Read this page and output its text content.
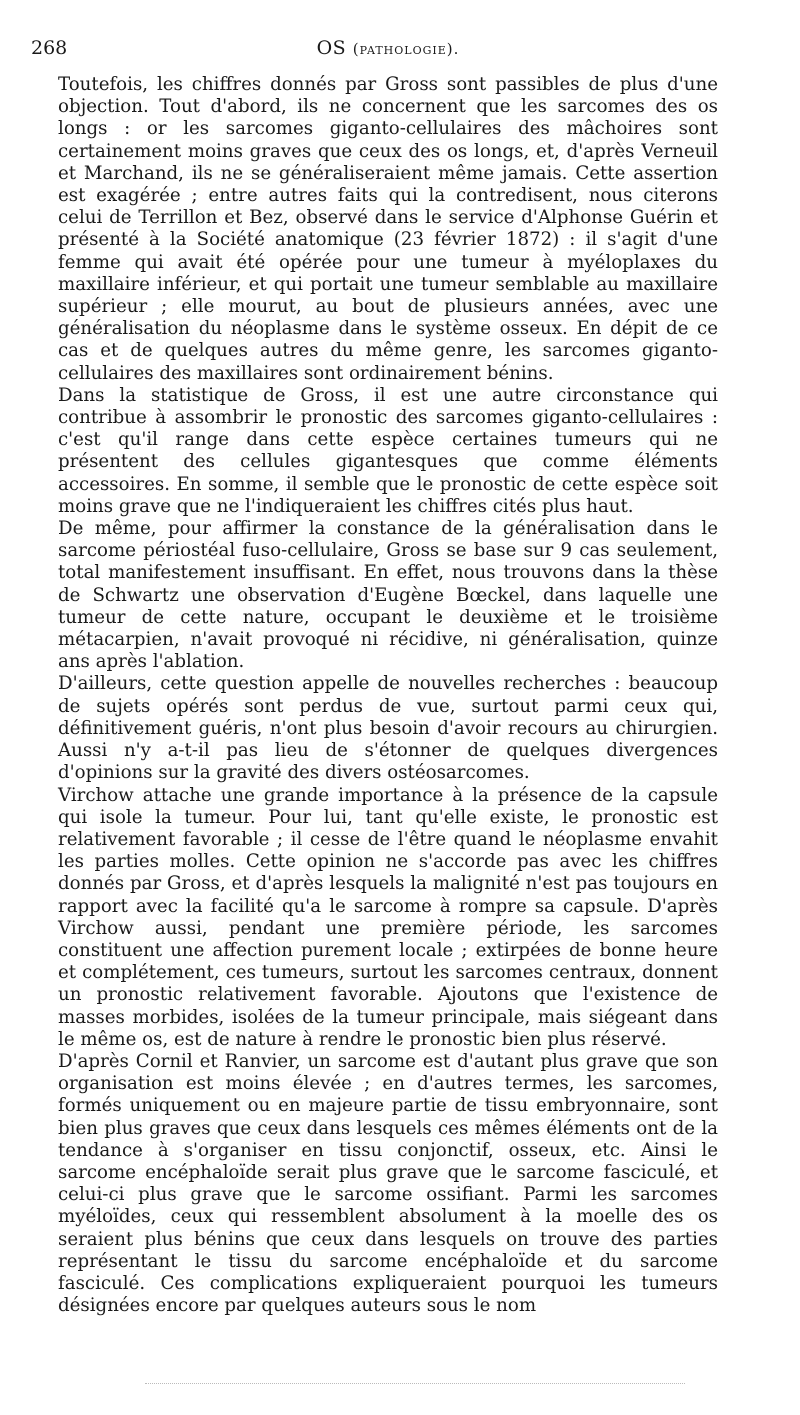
268	OS (pathologie).

Toutefois, les chiffres donnés par Gross sont passibles de plus d'une objection. Tout d'abord, ils ne concernent que les sarcomes des os longs : or les sarcomes giganto-cellulaires des mâchoires sont certainement moins graves que ceux des os longs, et, d'après Verneuil et Marchand, ils ne se généraliseraient même jamais. Cette assertion est exagérée ; entre autres faits qui la contredisent, nous citerons celui de Terrillon et Bez, observé dans le service d'Alphonse Guérin et présenté à la Société anatomique (23 février 1872) : il s'agit d'une femme qui avait été opérée pour une tumeur à myéloplaxes du maxillaire inférieur, et qui portait une tumeur semblable au maxillaire supérieur ; elle mourut, au bout de plusieurs années, avec une généralisation du néoplasme dans le système osseux. En dépit de ce cas et de quelques autres du même genre, les sarcomes giganto-cellulaires des maxillaires sont ordinairement bénins.

Dans la statistique de Gross, il est une autre circonstance qui contribue à assombrir le pronostic des sarcomes giganto-cellulaires : c'est qu'il range dans cette espèce certaines tumeurs qui ne présentent des cellules gigantesques que comme éléments accessoires. En somme, il semble que le pronostic de cette espèce soit moins grave que ne l'indiqueraient les chiffres cités plus haut.

De même, pour affirmer la constance de la généralisation dans le sarcome périostéal fuso-cellulaire, Gross se base sur 9 cas seulement, total manifestement insuffisant. En effet, nous trouvons dans la thèse de Schwartz une observation d'Eugène Bœckel, dans laquelle une tumeur de cette nature, occupant le deuxième et le troisième métacarpien, n'avait provoqué ni récidive, ni généralisation, quinze ans après l'ablation.

D'ailleurs, cette question appelle de nouvelles recherches : beaucoup de sujets opérés sont perdus de vue, surtout parmi ceux qui, définitivement guéris, n'ont plus besoin d'avoir recours au chirurgien. Aussi n'y a-t-il pas lieu de s'étonner de quelques divergences d'opinions sur la gravité des divers ostéosarcomes.

Virchow attache une grande importance à la présence de la capsule qui isole la tumeur. Pour lui, tant qu'elle existe, le pronostic est relativement favorable ; il cesse de l'être quand le néoplasme envahit les parties molles. Cette opinion ne s'accorde pas avec les chiffres donnés par Gross, et d'après lesquels la malignité n'est pas toujours en rapport avec la facilité qu'a le sarcome à rompre sa capsule. D'après Virchow aussi, pendant une première période, les sarcomes constituent une affection purement locale ; extirpées de bonne heure et complétement, ces tumeurs, surtout les sarcomes centraux, donnent un pronostic relativement favorable. Ajoutons que l'existence de masses morbides, isolées de la tumeur principale, mais siégeant dans le même os, est de nature à rendre le pronostic bien plus réservé.

D'après Cornil et Ranvier, un sarcome est d'autant plus grave que son organisation est moins élevée ; en d'autres termes, les sarcomes, formés uniquement ou en majeure partie de tissu embryonnaire, sont bien plus graves que ceux dans lesquels ces mêmes éléments ont de la tendance à s'organiser en tissu conjonctif, osseux, etc. Ainsi le sarcome encéphaloïde serait plus grave que le sarcome fasciculé, et celui-ci plus grave que le sarcome ossifiant. Parmi les sarcomes myéloïdes, ceux qui ressemblent absolument à la moelle des os seraient plus bénins que ceux dans lesquels on trouve des parties représentant le tissu du sarcome encéphaloïde et du sarcome fasciculé. Ces complications expliqueraient pourquoi les tumeurs désignées encore par quelques auteurs sous le nom
